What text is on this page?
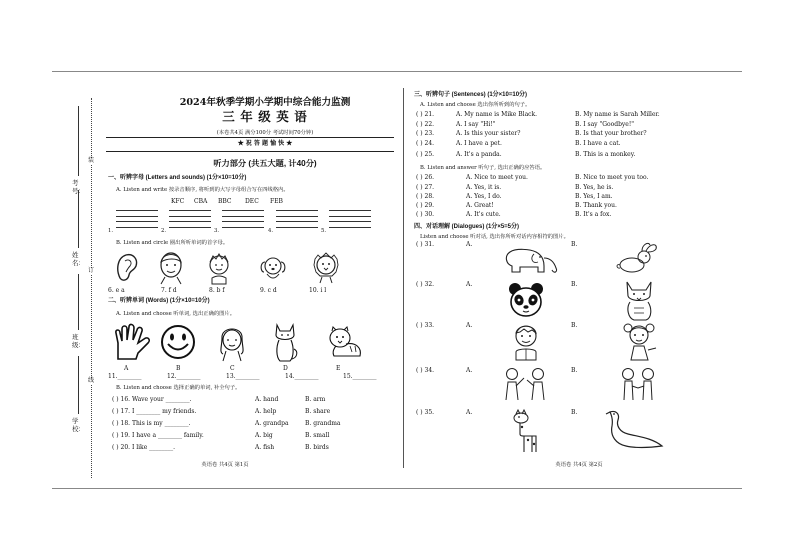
装
订
线
考号:
姓名:
班级:
学校:
2024年秋季学期小学期中综合能力监测
三 年 级 英 语
(本卷共4页 满分100分 考试时间70分钟)
★ 祝 答 题 愉 快 ★
听力部分 (共五大题, 计40分)
一、听辨字母 (Letters and sounds) (1分×10=10分)
A. Listen and write 按录音顺序, 将听到的大写字母组合写在四线格内。
KFC CBA BBC DEC FEB
1.	2.	3.	4.	5.
B. Listen and circle 圈出所听单词的首字母。
6. e a	7. f d	8. b f	9. c d	10. i l
二、听辨单词 (Words) (1分×10=10分)
A. Listen and choose 听单词, 选出正确的图片。
A	B	C	D	E
11.________	12.________	13.________	14.________	15.________
B. Listen and choose 选择正确的单词, 补全句子。
( ) 16. Wave your ________.	A. hand	B. arm
( ) 17. I ________ my friends.	A. help	B. share
( ) 18. This is my ________.	A. grandpa	B. grandma
( ) 19. I have a ________ family.	A. big	B. small
( ) 20. I like ________.	A. fish	B. birds
英语卷 共4页 第1页
三、听辨句子 (Sentences) (1分×10=10分)
A. Listen and choose 选出你所听到的句子。
( ) 21.	A. My name is Mike Black.	B. My name is Sarah Miller.
( ) 22.	A. I say "Hi!"	B. I say "Goodbye!"
( ) 23.	A. Is this your sister?	B. Is that your brother?
( ) 24.	A. I have a pet.	B. I have a cat.
( ) 25.	A. It's a panda.	B. This is a monkey.
B. Listen and answer 听句子, 选出正确的应答语。
( ) 26.	A. Nice to meet you.	B. Nice to meet you too.
( ) 27.	A. Yes, it is.	B. Yes, he is.
( ) 28.	A. Yes, I do.	B. Yes, I am.
( ) 29.	A. Great!	B. Thank you.
( ) 30.	A. It's cute.	B. It's a fox.
四、对话理解 (Dialogues) (1分×5=5分)
Listen and choose 听对话, 选出你所听对话内容相符的图片。
( ) 31.	A.	B.
( ) 32.	A.	B.
( ) 33.	A.	B.
( ) 34.	A.	B.
( ) 35.	A.	B.
英语卷 共4页 第2页
